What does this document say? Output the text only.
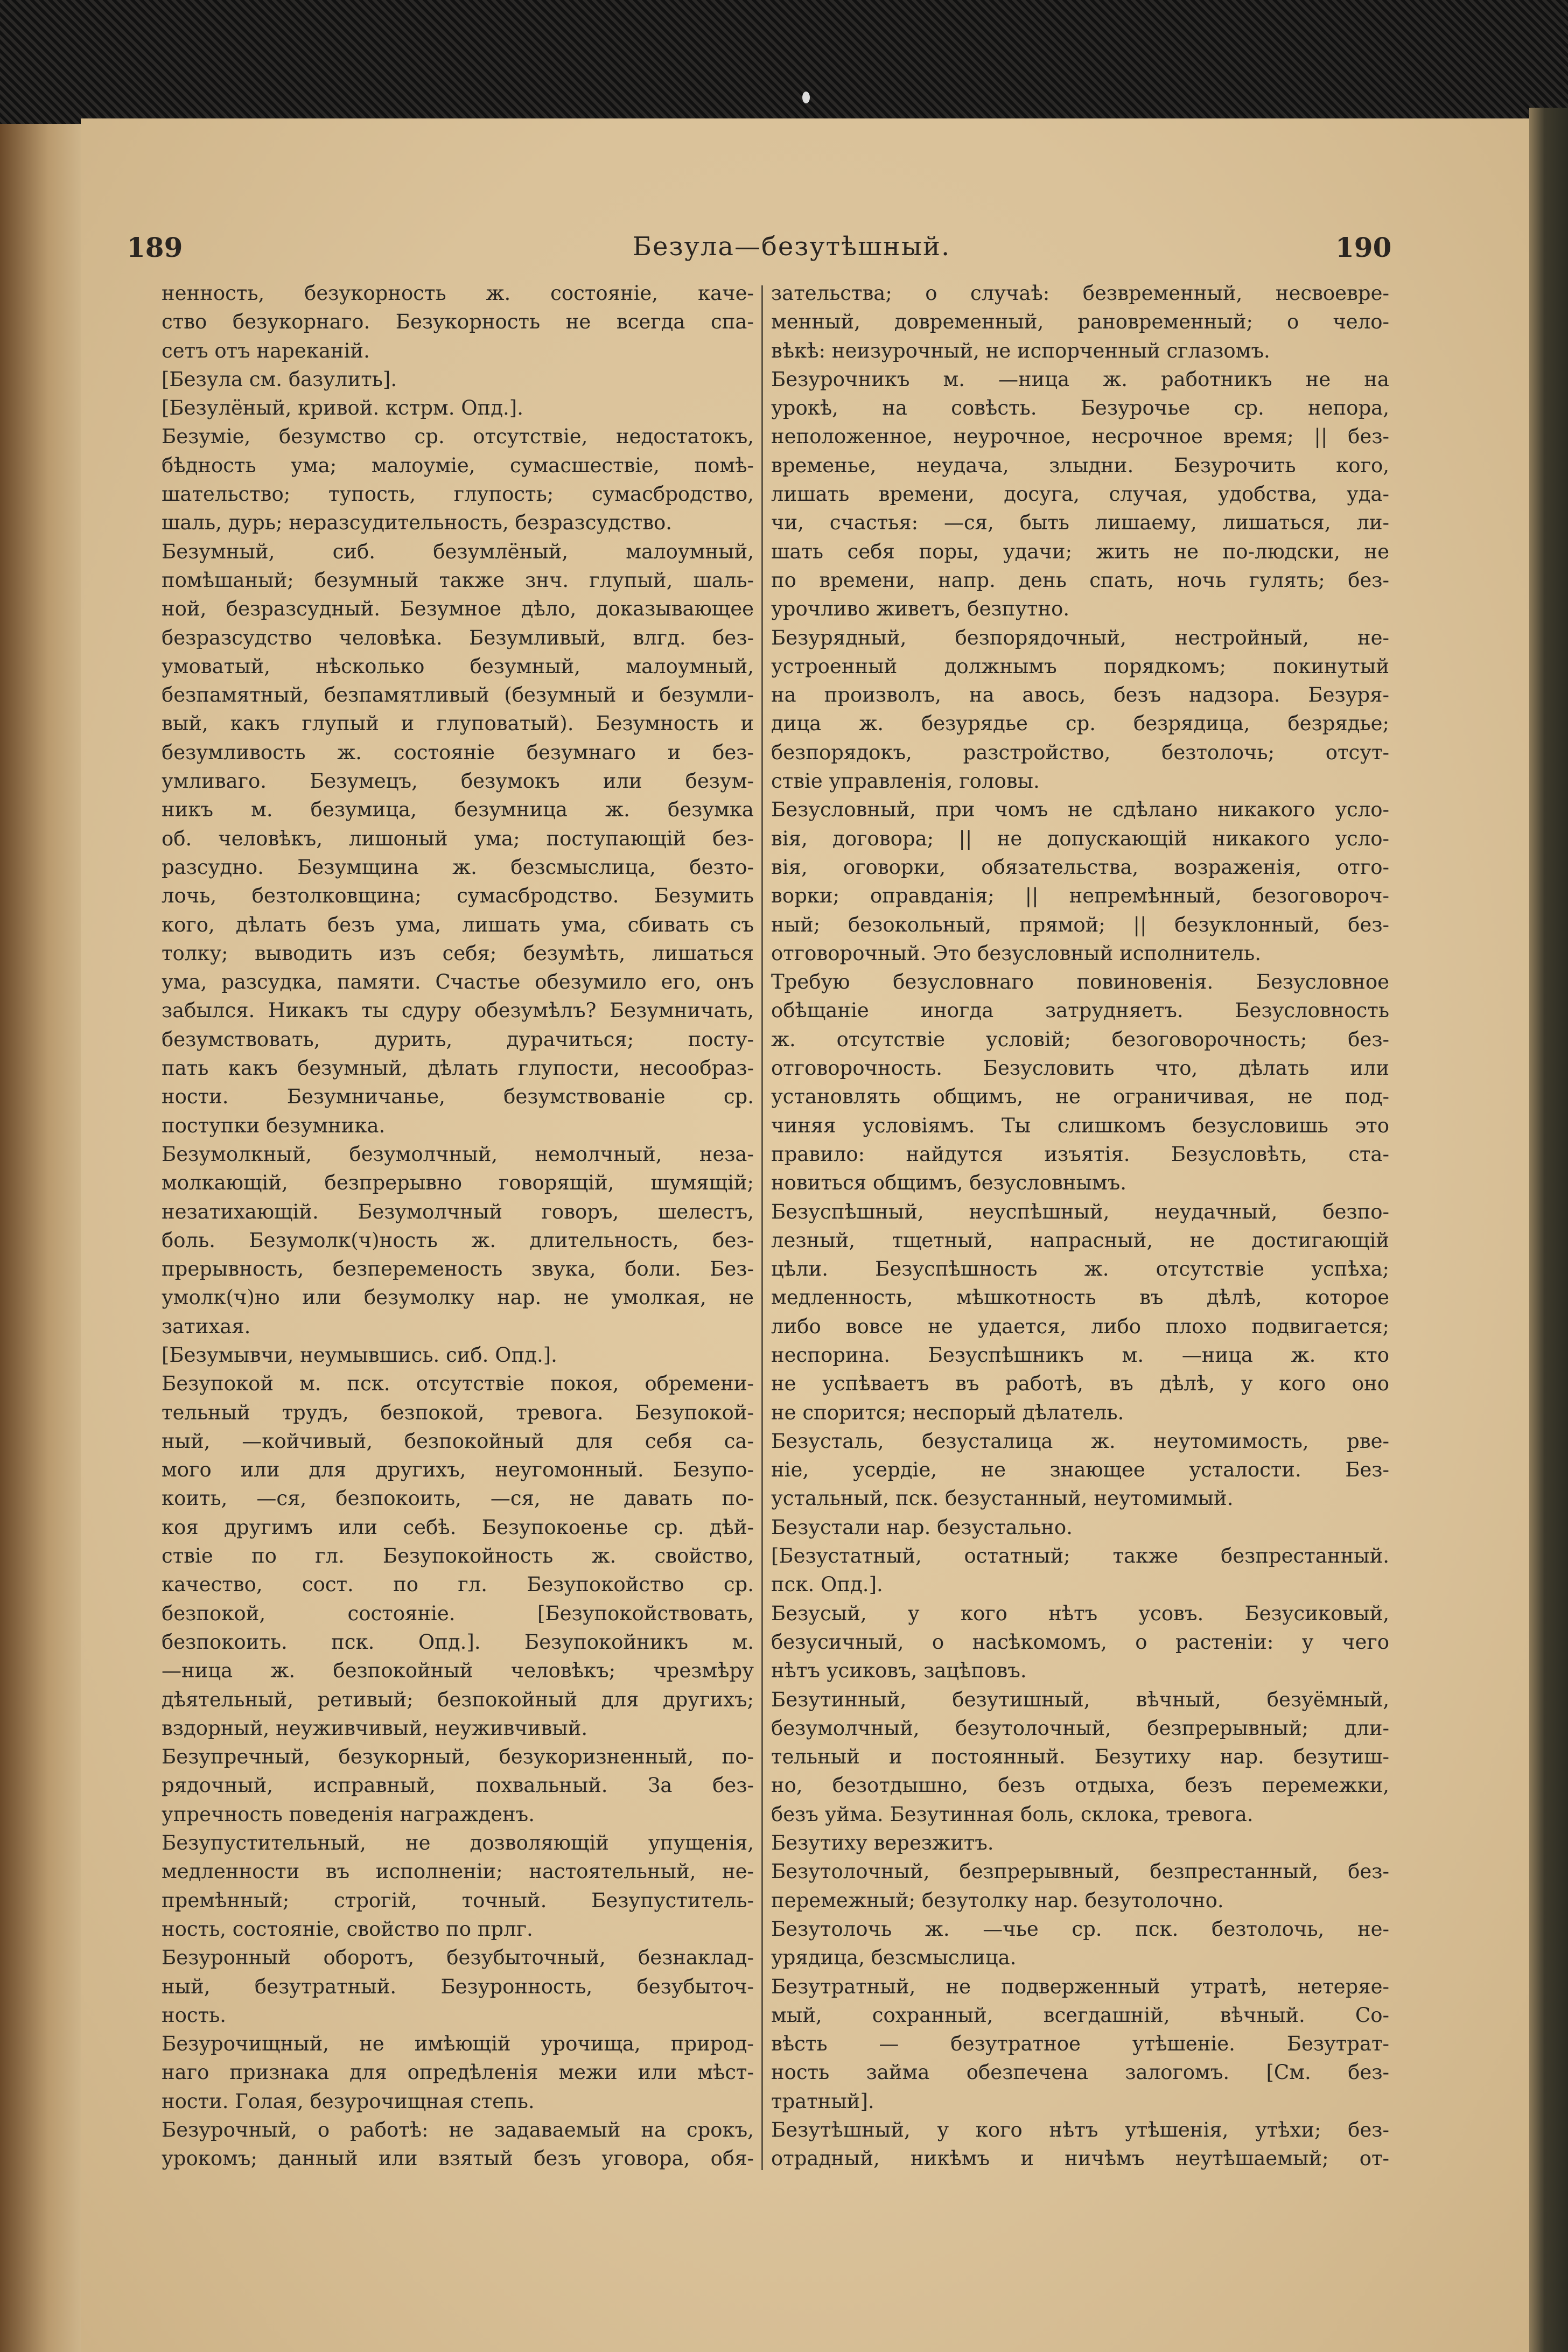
189	Безула—безутѣшный.	190
ненность, безукорность ж. состояніе, каче-
ство безукорнаго. Безукорность не всегда спа-
сетъ отъ нареканій.
[Безула см. базулить].
[Безулёный, кривой. кстрм. Опд.].
Безуміе, безумство ср. отсутствіе, недостатокъ,
бѣдность ума; малоуміе, сумасшествіе, помѣ-
шательство; тупость, глупость; сумасбродство,
шаль, дурь; неразсудительность, безразсудство.
Безумный, сиб. безумлёный, малоумный,
помѣшаный; безумный также знч. глупый, шаль-
ной, безразсудный. Безумное дѣло, доказывающее
безразсудство человѣка. Безумливый, влгд. без-
умоватый, нѣсколько безумный, малоумный,
безпамятный, безпамятливый (безумный и безумли-
вый, какъ глупый и глуповатый). Безумность и
безумливость ж. состояніе безумнаго и без-
умливаго. Безумецъ, безумокъ или безум-
никъ м. безумица, безумница ж. безумка
об. человѣкъ, лишоный ума; поступающій без-
разсудно. Безумщина ж. безсмыслица, безто-
лочь, безтолковщина; сумасбродство. Безумить
кого, дѣлать безъ ума, лишать ума, сбивать съ
толку; выводить изъ себя; безумѣть, лишаться
ума, разсудка, памяти. Счастье обезумило его, онъ
забылся. Никакъ ты сдуру обезумѣлъ? Безумничать,
безумствовать, дурить, дурачиться; посту-
пать какъ безумный, дѣлать глупости, несообраз-
ности. Безумничанье, безумствованіе ср.
поступки безумника.
Безумолкный, безумолчный, немолчный, неза-
молкающій, безпрерывно говорящій, шумящій;
незатихающій. Безумолчный говоръ, шелестъ,
боль. Безумолк(ч)ность ж. длительность, без-
прерывность, безпеременость звука, боли. Без-
умолк(ч)но или безумолку нар. не умолкая, не
затихая.
[Безумывчи, неумывшись. сиб. Опд.].
Безупокой м. пск. отсутствіе покоя, обремени-
тельный трудъ, безпокой, тревога. Безупокой-
ный, —койчивый, безпокойный для себя са-
мого или для другихъ, неугомонный. Безупо-
коить, —ся, безпокоить, —ся, не давать по-
коя другимъ или себѣ. Безупокоенье ср. дѣй-
ствіе по гл. Безупокойность ж. свойство,
качество, сост. по гл. Безупокойство ср.
безпокой, состояніе. [Безупокойствовать,
безпокоить. пск. Опд.]. Безупокойникъ м.
—ница ж. безпокойный человѣкъ; чрезмѣру
дѣятельный, ретивый; безпокойный для другихъ;
вздорный, неуживчивый, неуживчивый.
Безупречный, безукорный, безукоризненный, по-
рядочный, исправный, похвальный. За без-
упречность поведенія награжденъ.
Безупустительный, не дозволяющій упущенія,
медленности въ исполненіи; настоятельный, не-
премѣнный; строгій, точный. Безупуститель-
ность, состояніе, свойство по прлг.
Безуронный оборотъ, безубыточный, безнаклад-
ный, безутратный. Безуронность, безубыточ-
ность.
Безурочищный, не имѣющій урочища, природ-
наго признака для опредѣленія межи или мѣст-
ности. Голая, безурочищная степь.
Безурочный, о работѣ: не задаваемый на срокъ,
урокомъ; данный или взятый безъ уговора, обя-
зательства; о случаѣ: безвременный, несвоевре-
менный, довременный, рановременный; о чело-
вѣкѣ: неизурочный, не испорченный сглазомъ.
Безурочникъ м. —ница ж. работникъ не на
урокѣ, на совѣсть. Безурочье ср. непора,
неположенное, неурочное, несрочное время; || без-
временье, неудача, злыдни. Безурочить кого,
лишать времени, досуга, случая, удобства, уда-
чи, счастья: —ся, быть лишаему, лишаться, ли-
шать себя поры, удачи; жить не по-людски, не
по времени, напр. день спать, ночь гулять; без-
урочливо живетъ, безпутно.
Безурядный, безпорядочный, нестройный, не-
устроенный должнымъ порядкомъ; покинутый
на произволъ, на авось, безъ надзора. Безуря-
дица ж. безурядье ср. безрядица, безрядье;
безпорядокъ, разстройство, безтолочь; отсут-
ствіе управленія, головы.
Безусловный, при чомъ не сдѣлано никакого усло-
вія, договора; || не допускающій никакого усло-
вія, оговорки, обязательства, возраженія, отго-
ворки; оправданія; || непремѣнный, безоговороч-
ный; безокольный, прямой; || безуклонный, без-
отговорочный. Это безусловный исполнитель.
Требую безусловнаго повиновенія. Безусловное
обѣщаніе иногда затрудняетъ. Безусловность
ж. отсутствіе условій; безоговорочность; без-
отговорочность. Безусловить что, дѣлать или
установлять общимъ, не ограничивая, не под-
чиняя условіямъ. Ты слишкомъ безусловишь это
правило: найдутся изъятія. Безусловѣть, ста-
новиться общимъ, безусловнымъ.
Безуспѣшный, неуспѣшный, неудачный, безпо-
лезный, тщетный, напрасный, не достигающій
цѣли. Безуспѣшность ж. отсутствіе успѣха;
медленность, мѣшкотность въ дѣлѣ, которое
либо вовсе не удается, либо плохо подвигается;
неспорина. Безуспѣшникъ м. —ница ж. кто
не успѣваетъ въ работѣ, въ дѣлѣ, у кого оно
не спорится; неспорый дѣлатель.
Безусталь, безусталица ж. неутомимость, рве-
ніе, усердіе, не знающее усталости. Без-
устальный, пск. безустанный, неутомимый.
Безустали нар. безустально.
[Безустатный, остатный; также безпрестанный.
пск. Опд.].
Безусый, у кого нѣтъ усовъ. Безусиковый,
безусичный, о насѣкомомъ, о растеніи: у чего
нѣтъ усиковъ, зацѣповъ.
Безутинный, безутишный, вѣчный, безуёмный,
безумолчный, безутолочный, безпрерывный; дли-
тельный и постоянный. Безутиху нар. безутиш-
но, безотдышно, безъ отдыха, безъ перемежки,
безъ уйма. Безутинная боль, склока, тревога.
Безутиху верезжитъ.
Безутолочный, безпрерывный, безпрестанный, без-
перемежный; безутолку нар. безутолочно.
Безутолочь ж. —чье ср. пск. безтолочь, не-
урядица, безсмыслица.
Безутратный, не подверженный утратѣ, нетеряе-
мый, сохранный, всегдашній, вѣчный. Со-
вѣсть — безутратное утѣшеніе. Безутрат-
ность займа обезпечена залогомъ. [См. без-
тратный].
Безутѣшный, у кого нѣтъ утѣшенія, утѣхи; без-
отрадный, никѣмъ и ничѣмъ неутѣшаемый; от-
